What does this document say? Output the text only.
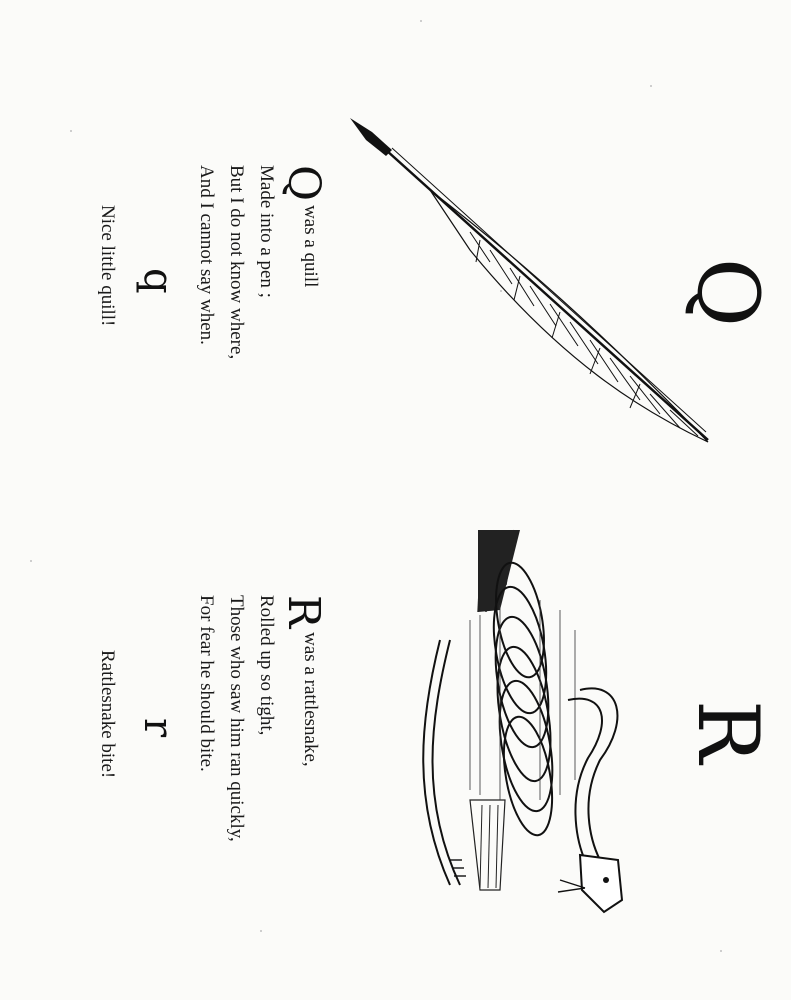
Q
Qwas a quill
Made into a pen ;
But I do not know where,
And I cannot say when.
q
Nice little quill!
R
Rwas a rattlesnake,
Rolled up so tight,
Those who saw him ran quickly,
For fear he should bite.
r
Rattlesnake bite!
